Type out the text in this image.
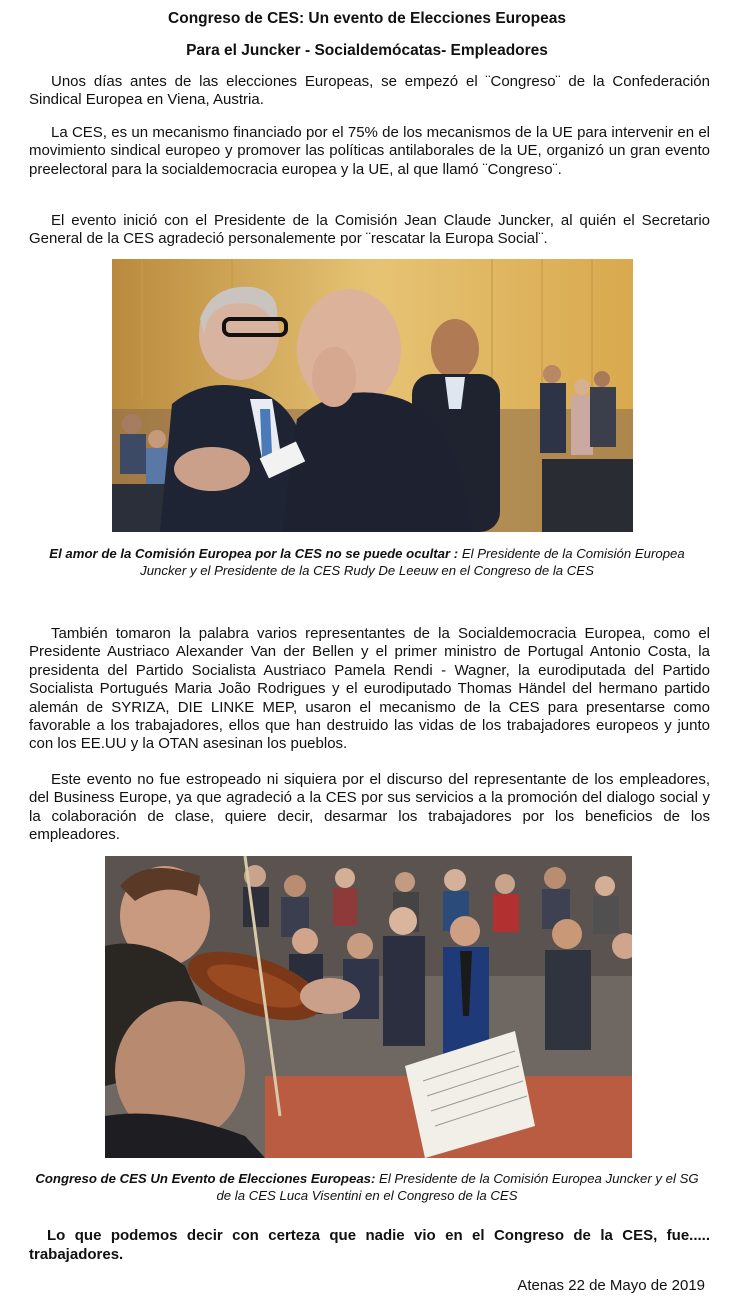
Congreso de CES: Un evento de Elecciones Europeas
Para el Juncker - Socialdemócatas- Empleadores

Unos días antes de las elecciones Europeas, se empezó el ¨Congreso¨ de la Confederación Sindical Europea en Viena, Austria.

La CES, es un mecanismo financiado por el 75% de los mecanismos de la UE para intervenir en el movimiento sindical europeo y promover las políticas antilaborales de la UE, organizó un gran evento preelectoral para la socialdemocracia europea y la UE, al que llamó ¨Congreso¨.

El evento inició con el Presidente de la Comisión Jean Claude Juncker, al quién el Secretario General de la CES agradeció personalemente por ¨rescatar la Europa Social¨.

El amor de la Comisión Europea por la CES no se puede ocultar : El Presidente de la Comisión Europea Juncker y el Presidente de la CES Rudy De Leeuw en el Congreso de la CES

También tomaron la palabra varios representantes de la Socialdemocracia Europea, como el Presidente Austriaco Alexander Van der Bellen y el primer ministro de Portugal Antonio Costa, la presidenta del Partido Socialista Austriaco Pamela Rendi - Wagner, la eurodiputada del Partido Socialista Portugués Maria João Rodrigues y el eurodiputado Thomas Händel del hermano partido alemán de SYRIZA, DIE LINKE MEP, usaron el mecanismo de la CES para presentarse como favorable a los trabajadores, ellos que han destruido las vidas de los trabajadores europeos y junto con los EE.UU y la OTAN asesinan los pueblos.

Este evento no fue estropeado ni siquiera por el discurso del representante de los empleadores, del Business Europe, ya que agradeció a la CES por sus servicios a la promoción del dialogo social y la colaboración de clase, quiere decir, desarmar los trabajadores por los beneficios de los empleadores.

Congreso de CES Un Evento de Elecciones Europeas: El Presidente de la Comisión Europea Juncker y el SG de la CES Luca Visentini en el Congreso de la CES

Lo que podemos decir con certeza que nadie vio en el Congreso de la CES, fue..... trabajadores.

Atenas 22 de Mayo de 2019
